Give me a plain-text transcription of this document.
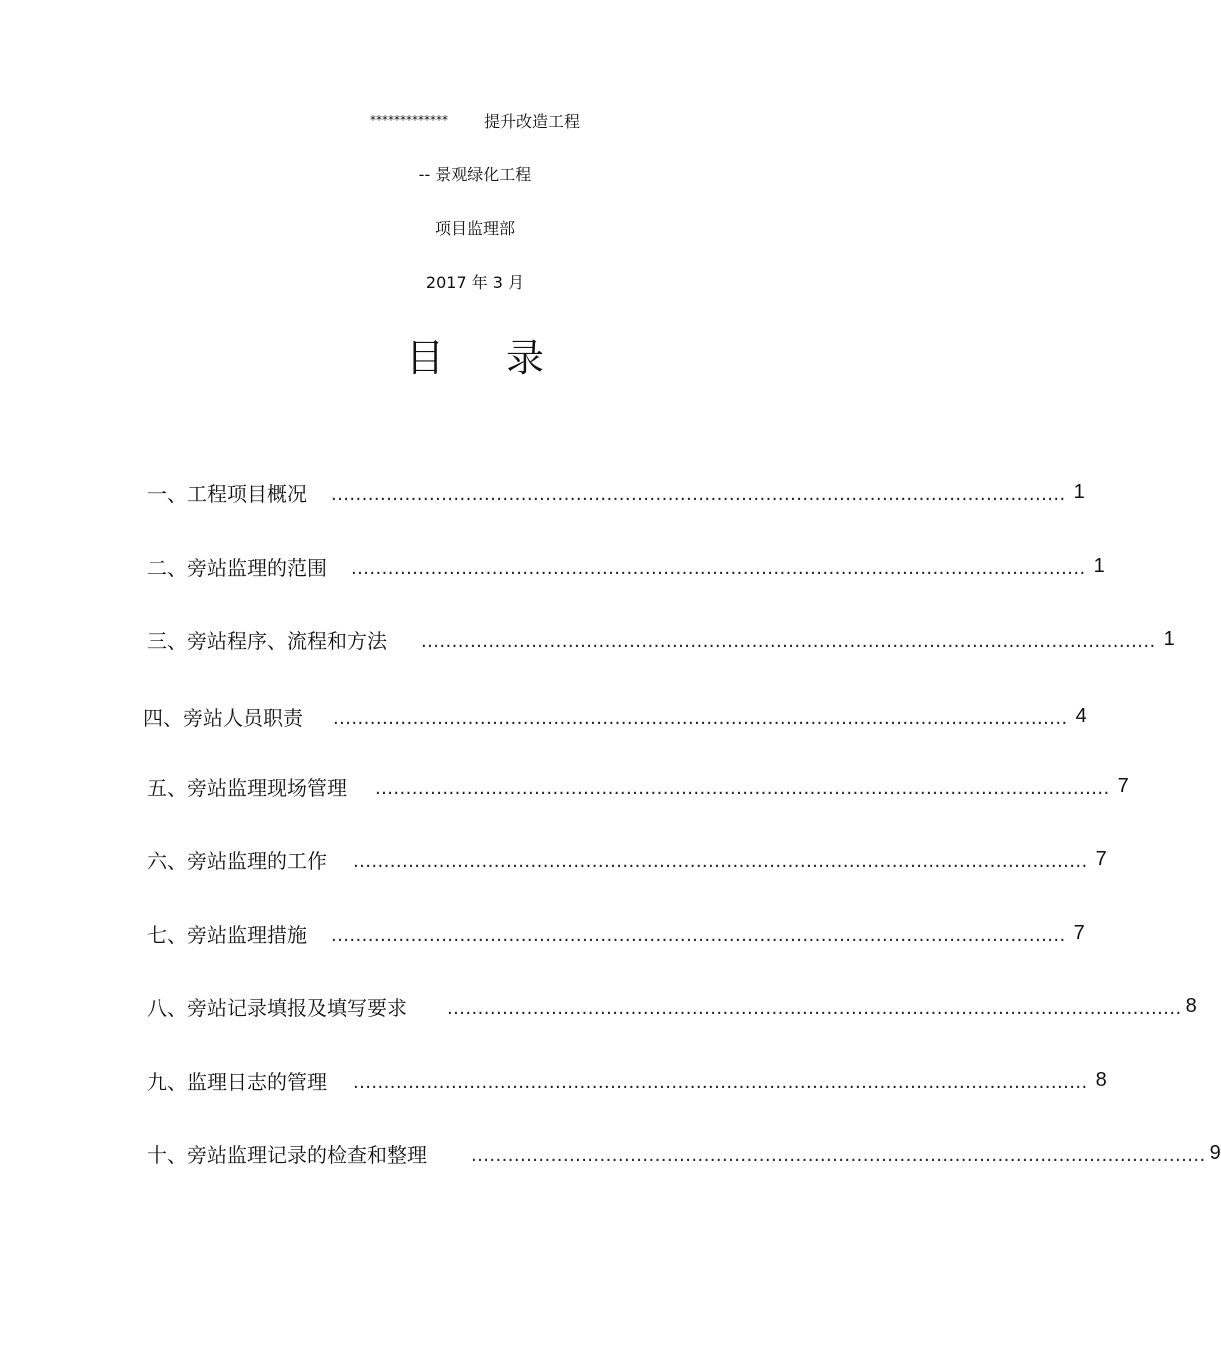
************* 提升改造工程
-- 景观绿化工程
项目监理部
2017 年 3 月
目 录
一、工程项目概况 ........................................................................................................................ 1
二、旁站监理的范围 ........................................................................................................................ 1
三、旁站程序、流程和方法 ........................................................................................................................ 1
四、旁站人员职责 ........................................................................................................................ 4
五、旁站监理现场管理 ........................................................................................................................ 7
六、旁站监理的工作 ........................................................................................................................ 7
七、旁站监理措施 ........................................................................................................................ 7
八、旁站记录填报及填写要求 ........................................................................................................................ 8
九、监理日志的管理 ........................................................................................................................ 8
十、旁站监理记录的检查和整理 ........................................................................................................................ 9
